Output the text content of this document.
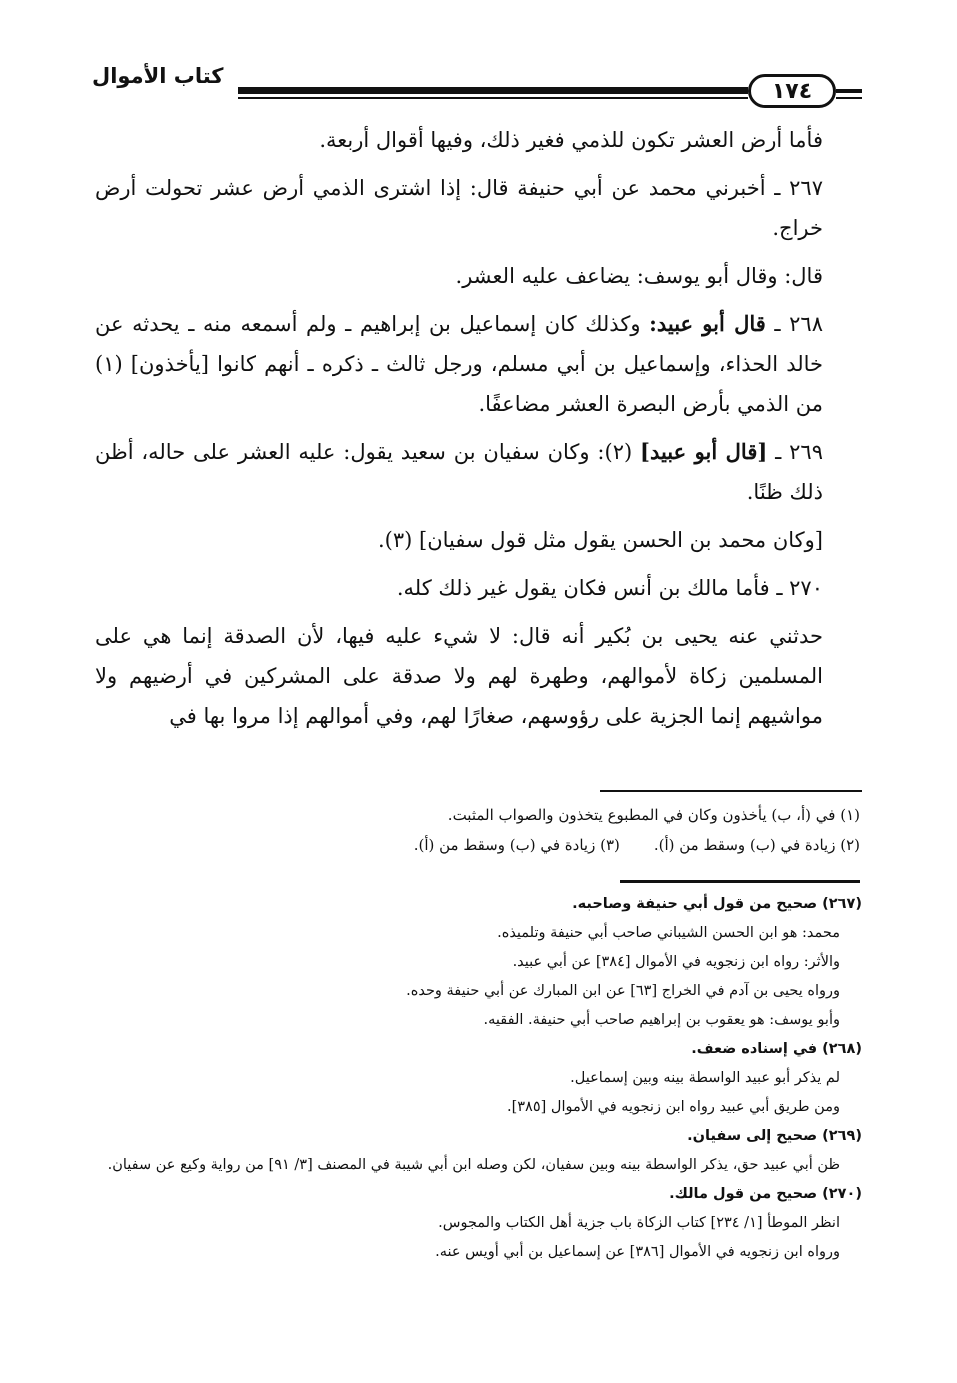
كتاب الأموال
١٧٤

فأما أرض العشر تكون للذمي فغير ذلك، وفيها أقوال أربعة.

٢٦٧ ـ أخبرني محمد عن أبي حنيفة قال: إذا اشترى الذمي أرض عشر تحولت أرض خراج.

قال: وقال أبو يوسف: يضاعف عليه العشر.

٢٦٨ ـ قال أبو عبيد: وكذلك كان إسماعيل بن إبراهيم ـ ولم أسمعه منه ـ يحدثه عن خالد الحذاء، وإسماعيل بن أبي مسلم، ورجل ثالث ـ ذكره ـ أنهم كانوا [يأخذون] (١) من الذمي بأرض البصرة العشر مضاعفًا.

٢٦٩ ـ [قال أبو عبيد] (٢): وكان سفيان بن سعيد يقول: عليه العشر على حاله، أظن ذلك ظنًا.

[وكان محمد بن الحسن يقول مثل قول سفيان] (٣).

٢٧٠ ـ فأما مالك بن أنس فكان يقول غير ذلك كله.

حدثني عنه يحيى بن بُكير أنه قال: لا شيء عليه فيها، لأن الصدقة إنما هي على المسلمين زكاة لأموالهم، وطهرة لهم ولا صدقة على المشركين في أرضيهم ولا مواشيهم إنما الجزية على رؤوسهم، صغارًا لهم، وفي أموالهم إذا مروا بها في

(١) في (أ، ب) يأخذون وكان في المطبوع يتخذون والصواب المثبت.
(٢) زيادة في (ب) وسقط من (أ).
(٣) زيادة في (ب) وسقط من (أ).
(٢٦٧) صحيح من قول أبي حنيفة وصاحبه.
محمد: هو ابن الحسن الشيباني صاحب أبي حنيفة وتلميذه.
والأثر: رواه ابن زنجويه في الأموال [٣٨٤] عن أبي عبيد.
ورواه يحيى بن آدم في الخراج [٦٣] عن ابن المبارك عن أبي حنيفة وحده.
وأبو يوسف: هو يعقوب بن إبراهيم صاحب أبي حنيفة. الفقيه.
(٢٦٨) في إسناده ضعف.
لم يذكر أبو عبيد الواسطة بينه وبين إسماعيل.
ومن طريق أبي عبيد رواه ابن زنجويه في الأموال [٣٨٥].
(٢٦٩) صحيح إلى سفيان.
ظن أبي عبيد حق، يذكر الواسطة بينه وبين سفيان، لكن وصله ابن أبي شيبة في المصنف [٣/ ٩١] من رواية وكيع عن سفيان.
(٢٧٠) صحيح من قول مالك.
انظر الموطأ [١/ ٢٣٤] كتاب الزكاة باب جزية أهل الكتاب والمجوس.
ورواه ابن زنجويه في الأموال [٣٨٦] عن إسماعيل بن أبي أويس عنه.
